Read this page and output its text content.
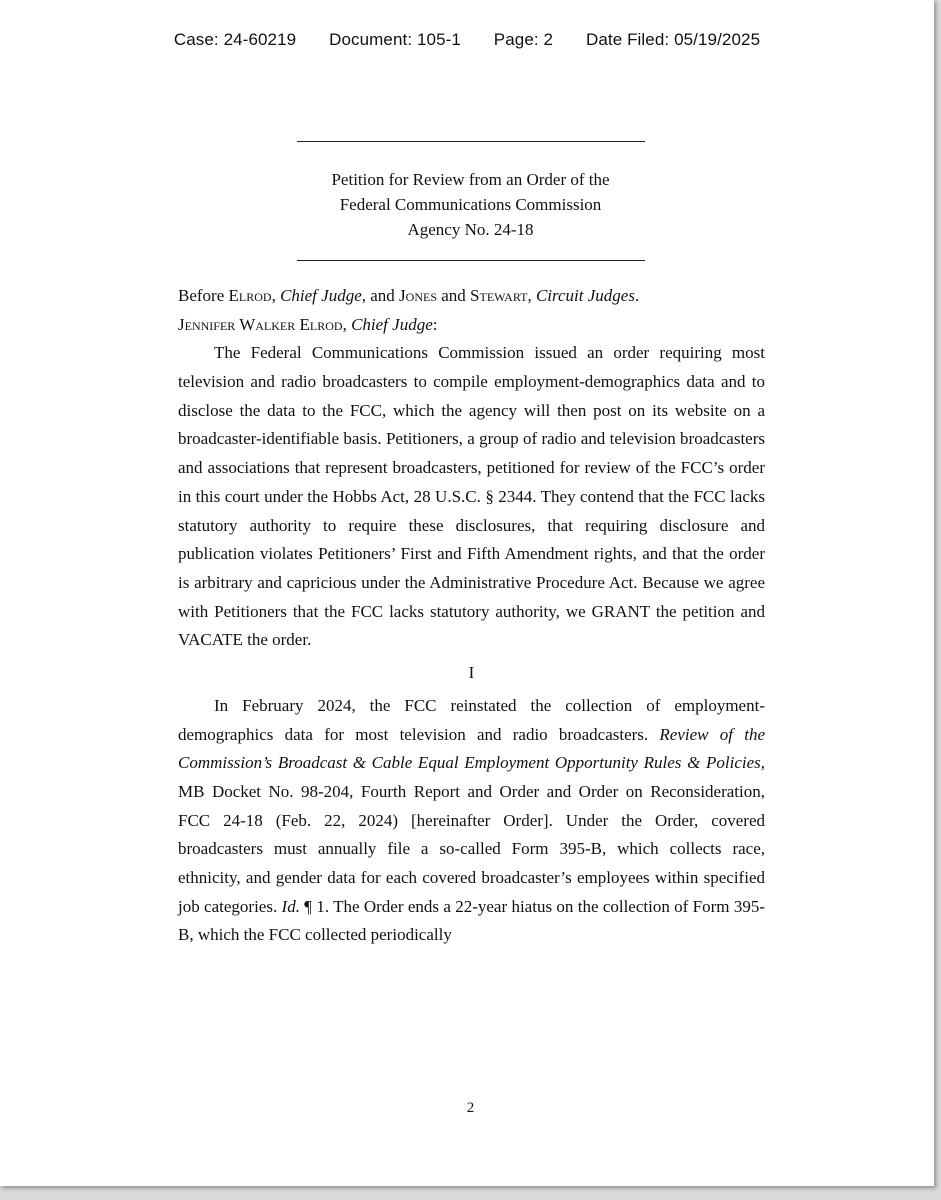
Case: 24-60219 Document: 105-1 Page: 2 Date Filed: 05/19/2025
Petition for Review from an Order of the
Federal Communications Commission
Agency No. 24-18
Before Elrod, Chief Judge, and Jones and Stewart, Circuit Judges.
Jennifer Walker Elrod, Chief Judge:
The Federal Communications Commission issued an order requiring most television and radio broadcasters to compile employment-demographics data and to disclose the data to the FCC, which the agency will then post on its website on a broadcaster-identifiable basis. Petitioners, a group of radio and television broadcasters and associations that represent broadcasters, petitioned for review of the FCC’s order in this court under the Hobbs Act, 28 U.S.C. § 2344. They contend that the FCC lacks statutory authority to require these disclosures, that requiring disclosure and publication violates Petitioners’ First and Fifth Amendment rights, and that the order is arbitrary and capricious under the Administrative Procedure Act. Because we agree with Petitioners that the FCC lacks statutory authority, we GRANT the petition and VACATE the order.
I
In February 2024, the FCC reinstated the collection of employment-demographics data for most television and radio broadcasters. Review of the Commission’s Broadcast & Cable Equal Employment Opportunity Rules & Policies, MB Docket No. 98-204, Fourth Report and Order and Order on Reconsideration, FCC 24-18 (Feb. 22, 2024) [hereinafter Order]. Under the Order, covered broadcasters must annually file a so-called Form 395-B, which collects race, ethnicity, and gender data for each covered broadcaster’s employees within specified job categories. Id. ¶ 1. The Order ends a 22-year hiatus on the collection of Form 395-B, which the FCC collected periodically
2
